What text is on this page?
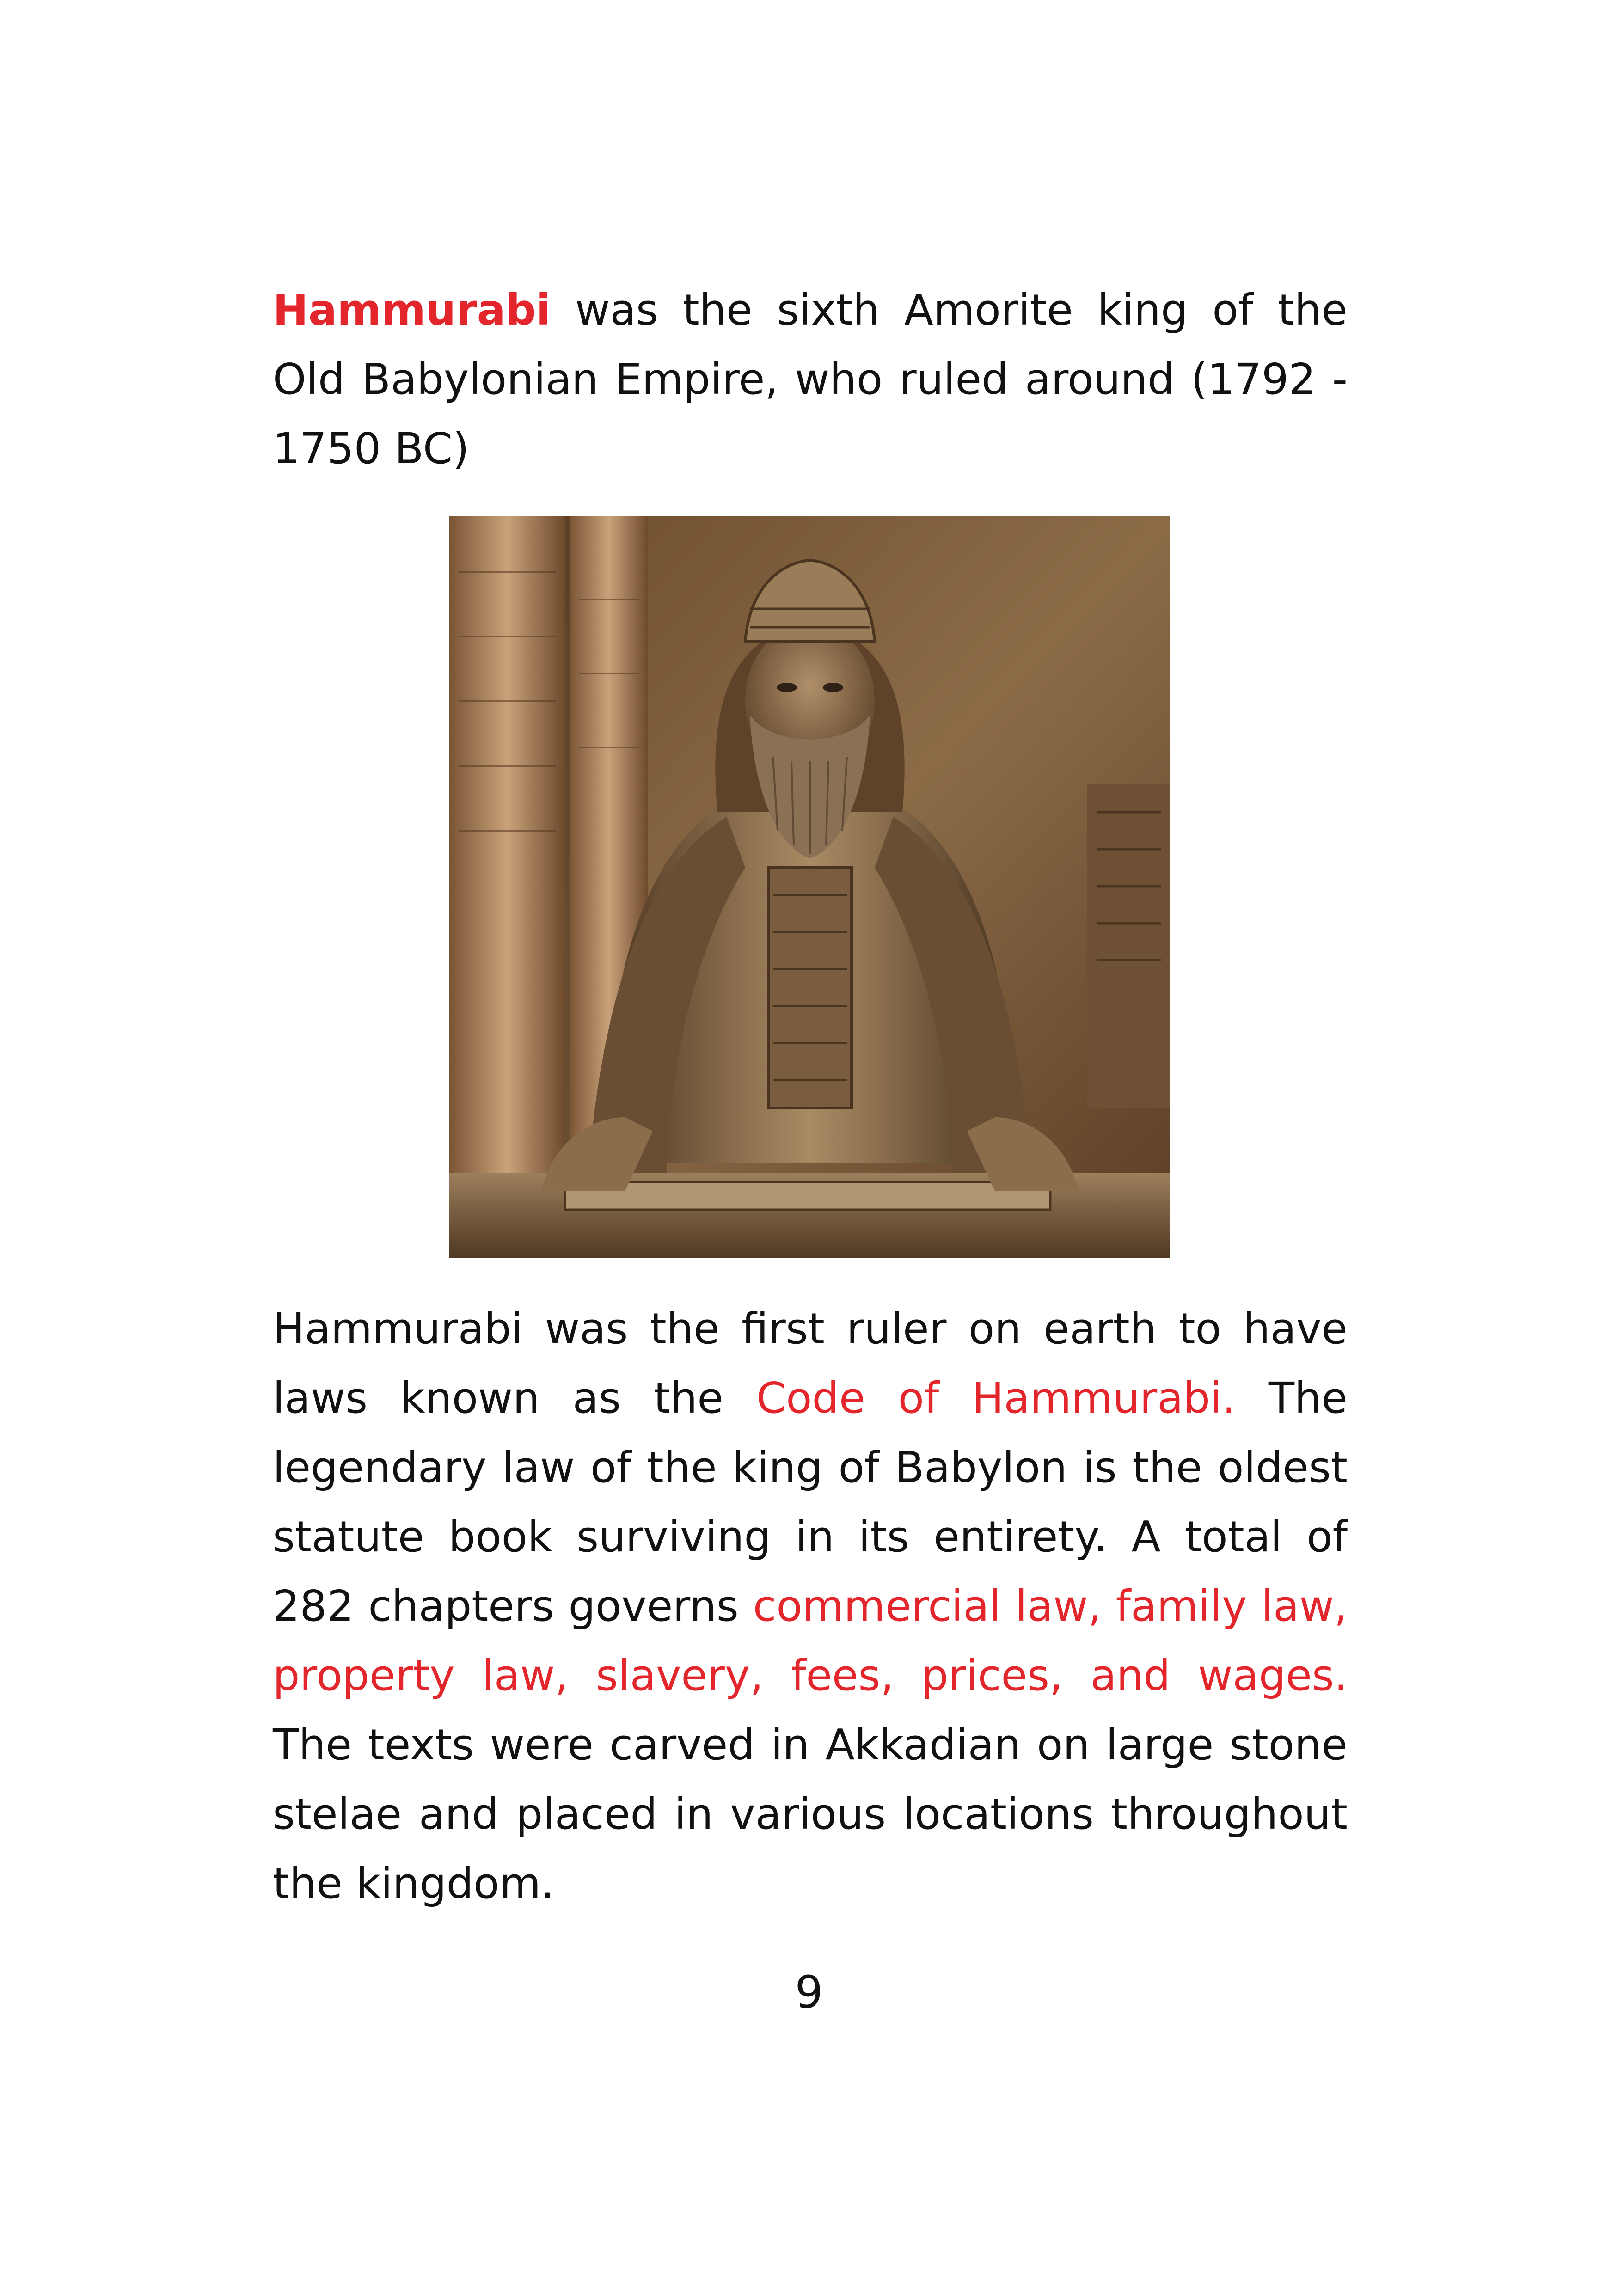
Hammurabi was the sixth Amorite king of the Old Babylonian Empire, who ruled around (1792 - 1750 BC)

Hammurabi was the first ruler on earth to have laws known as the Code of Hammurabi. The legendary law of the king of Babylon is the oldest statute book surviving in its entirety. A total of 282 chapters governs commercial law, family law, property law, slavery, fees, prices, and wages. The texts were carved in Akkadian on large stone stelae and placed in various locations throughout the kingdom.

9
